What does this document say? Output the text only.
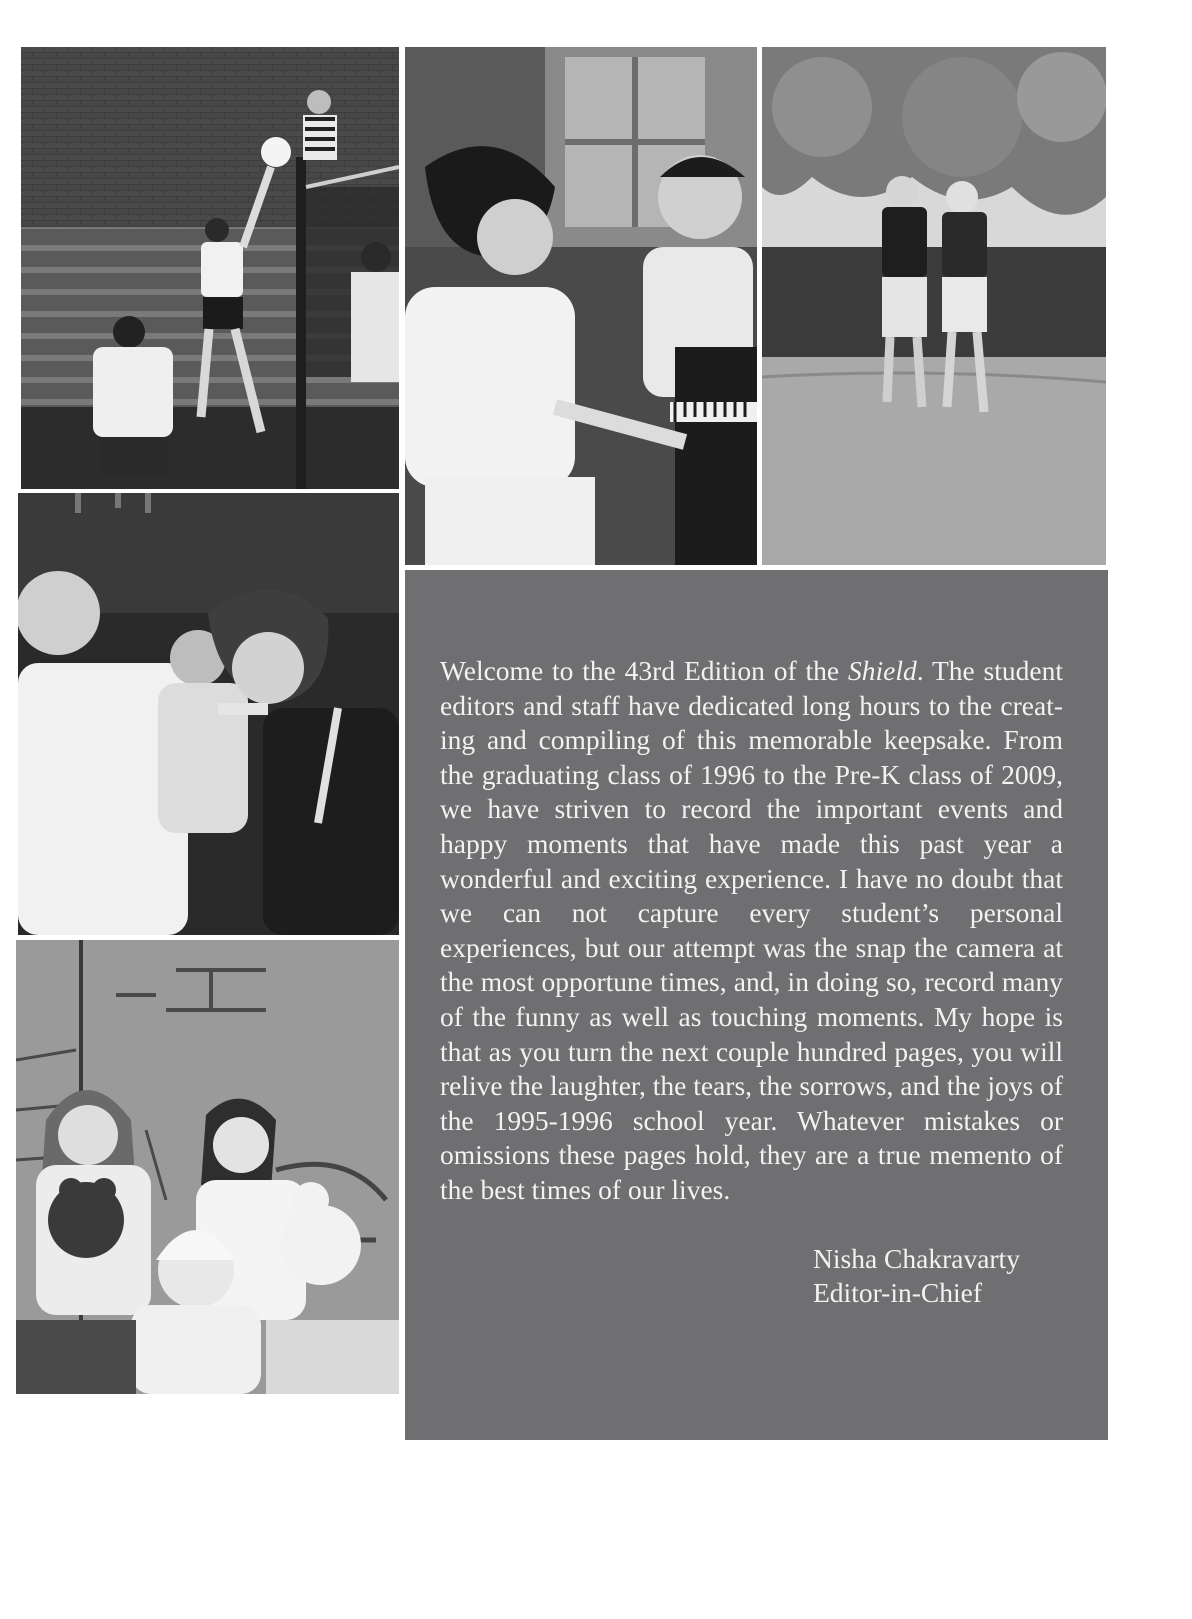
Welcome to the 43rd Edition of the Shield. The student editors and staff have dedicated long hours to the creat-ing and compiling of this memorable keepsake. From the graduating class of 1996 to the Pre-K class of 2009, we have striven to record the important events and happy moments that have made this past year a wonderful and exciting experience. I have no doubt that we can not capture every student’s personal experiences, but our attempt was the snap the camera at the most opportune times, and, in doing so, record many of the funny as well as touching moments. My hope is that as you turn the next couple hundred pages, you will relive the laughter, the tears, the sorrows, and the joys of the 1995-1996 school year. Whatever mistakes or omissions these pages hold, they are a true memento of the best times of our lives.

Nisha Chakravarty
Editor-in-Chief
